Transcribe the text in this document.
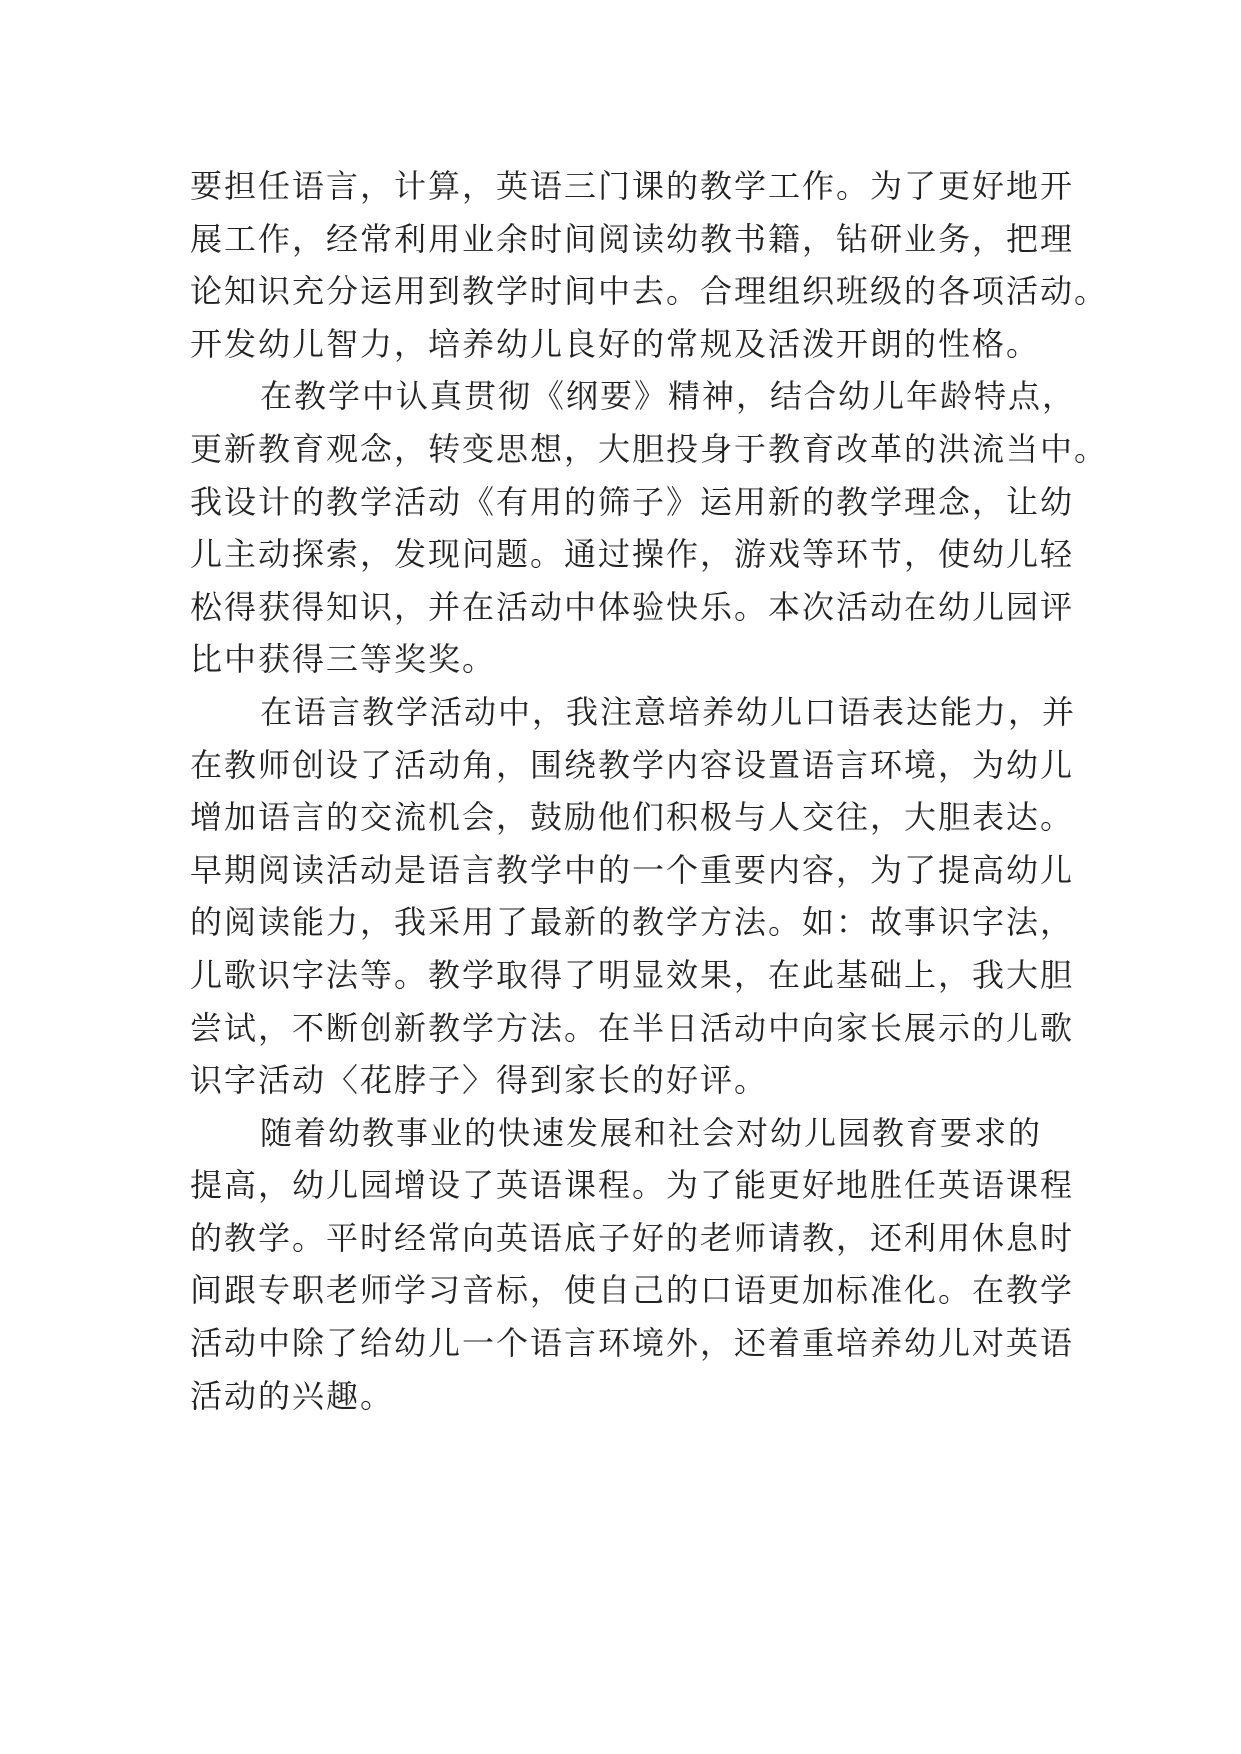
要担任语言，计算，英语三门课的教学工作。为了更好地开
展工作，经常利用业余时间阅读幼教书籍，钻研业务，把理
论知识充分运用到教学时间中去。合理组织班级的各项活动。
开发幼儿智力，培养幼儿良好的常规及活泼开朗的性格。

在教学中认真贯彻《纲要》精神，结合幼儿年龄特点，
更新教育观念，转变思想，大胆投身于教育改革的洪流当中。
我设计的教学活动《有用的筛子》运用新的教学理念，让幼
儿主动探索，发现问题。通过操作，游戏等环节，使幼儿轻
松得获得知识，并在活动中体验快乐。本次活动在幼儿园评
比中获得三等奖奖。

在语言教学活动中，我注意培养幼儿口语表达能力，并
在教师创设了活动角，围绕教学内容设置语言环境，为幼儿
增加语言的交流机会，鼓励他们积极与人交往，大胆表达。
早期阅读活动是语言教学中的一个重要内容，为了提高幼儿
的阅读能力，我采用了最新的教学方法。如：故事识字法，
儿歌识字法等。教学取得了明显效果，在此基础上，我大胆
尝试，不断创新教学方法。在半日活动中向家长展示的儿歌
识字活动〈花脖子〉得到家长的好评。

随着幼教事业的快速发展和社会对幼儿园教育要求的
提高，幼儿园增设了英语课程。为了能更好地胜任英语课程
的教学。平时经常向英语底子好的老师请教，还利用休息时
间跟专职老师学习音标，使自己的口语更加标准化。在教学
活动中除了给幼儿一个语言环境外，还着重培养幼儿对英语
活动的兴趣。
